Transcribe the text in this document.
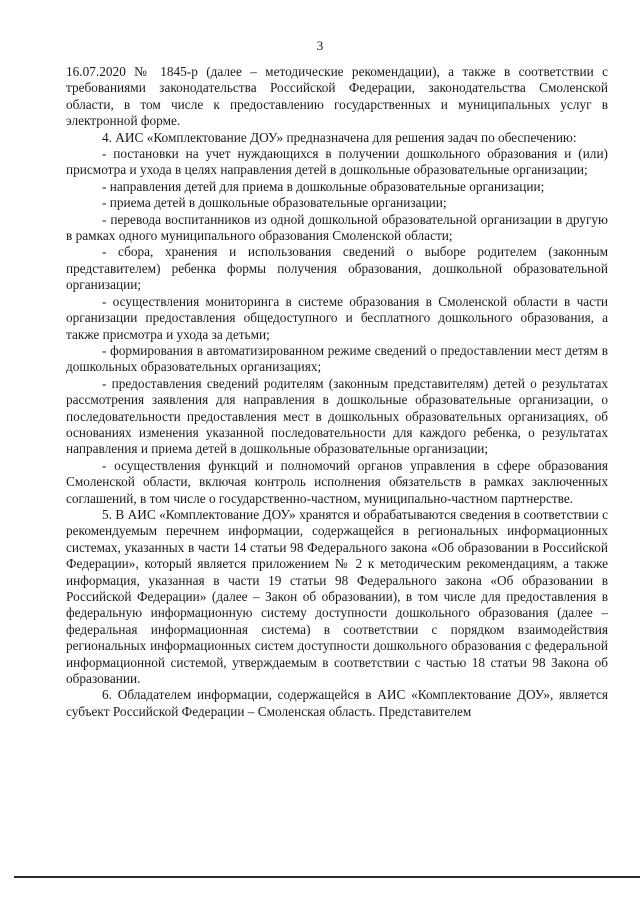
3

16.07.2020 № 1845-р (далее – методические рекомендации), а также в соответствии с требованиями законодательства Российской Федерации, законодательства Смоленской области, в том числе к предоставлению государственных и муниципальных услуг в электронной форме.

4. АИС «Комплектование ДОУ» предназначена для решения задач по обеспечению:

- постановки на учет нуждающихся в получении дошкольного образования и (или) присмотра и ухода в целях направления детей в дошкольные образовательные организации;

- направления детей для приема в дошкольные образовательные организации;

- приема детей в дошкольные образовательные организации;

- перевода воспитанников из одной дошкольной образовательной организации в другую в рамках одного муниципального образования Смоленской области;

- сбора, хранения и использования сведений о выборе родителем (законным представителем) ребенка формы получения образования, дошкольной образовательной организации;

- осуществления мониторинга в системе образования в Смоленской области в части организации предоставления общедоступного и бесплатного дошкольного образования, а также присмотра и ухода за детьми;

- формирования в автоматизированном режиме сведений о предоставлении мест детям в дошкольных образовательных организациях;

- предоставления сведений родителям (законным представителям) детей о результатах рассмотрения заявления для направления в дошкольные образовательные организации, о последовательности предоставления мест в дошкольных образовательных организациях, об основаниях изменения указанной последовательности для каждого ребенка, о результатах направления и приема детей в дошкольные образовательные организации;

- осуществления функций и полномочий органов управления в сфере образования Смоленской области, включая контроль исполнения обязательств в рамках заключенных соглашений, в том числе о государственно-частном, муниципально-частном партнерстве.

5. В АИС «Комплектование ДОУ» хранятся и обрабатываются сведения в соответствии с рекомендуемым перечнем информации, содержащейся в региональных информационных системах, указанных в части 14 статьи 98 Федерального закона «Об образовании в Российской Федерации», который является приложением № 2 к методическим рекомендациям, а также информация, указанная в части 19 статьи 98 Федерального закона «Об образовании в Российской Федерации» (далее – Закон об образовании), в том числе для предоставления в федеральную информационную систему доступности дошкольного образования (далее – федеральная информационная система) в соответствии с порядком взаимодействия региональных информационных систем доступности дошкольного образования с федеральной информационной системой, утверждаемым в соответствии с частью 18 статьи 98 Закона об образовании.

6. Обладателем информации, содержащейся в АИС «Комплектование ДОУ», является субъект Российской Федерации – Смоленская область. Представителем
